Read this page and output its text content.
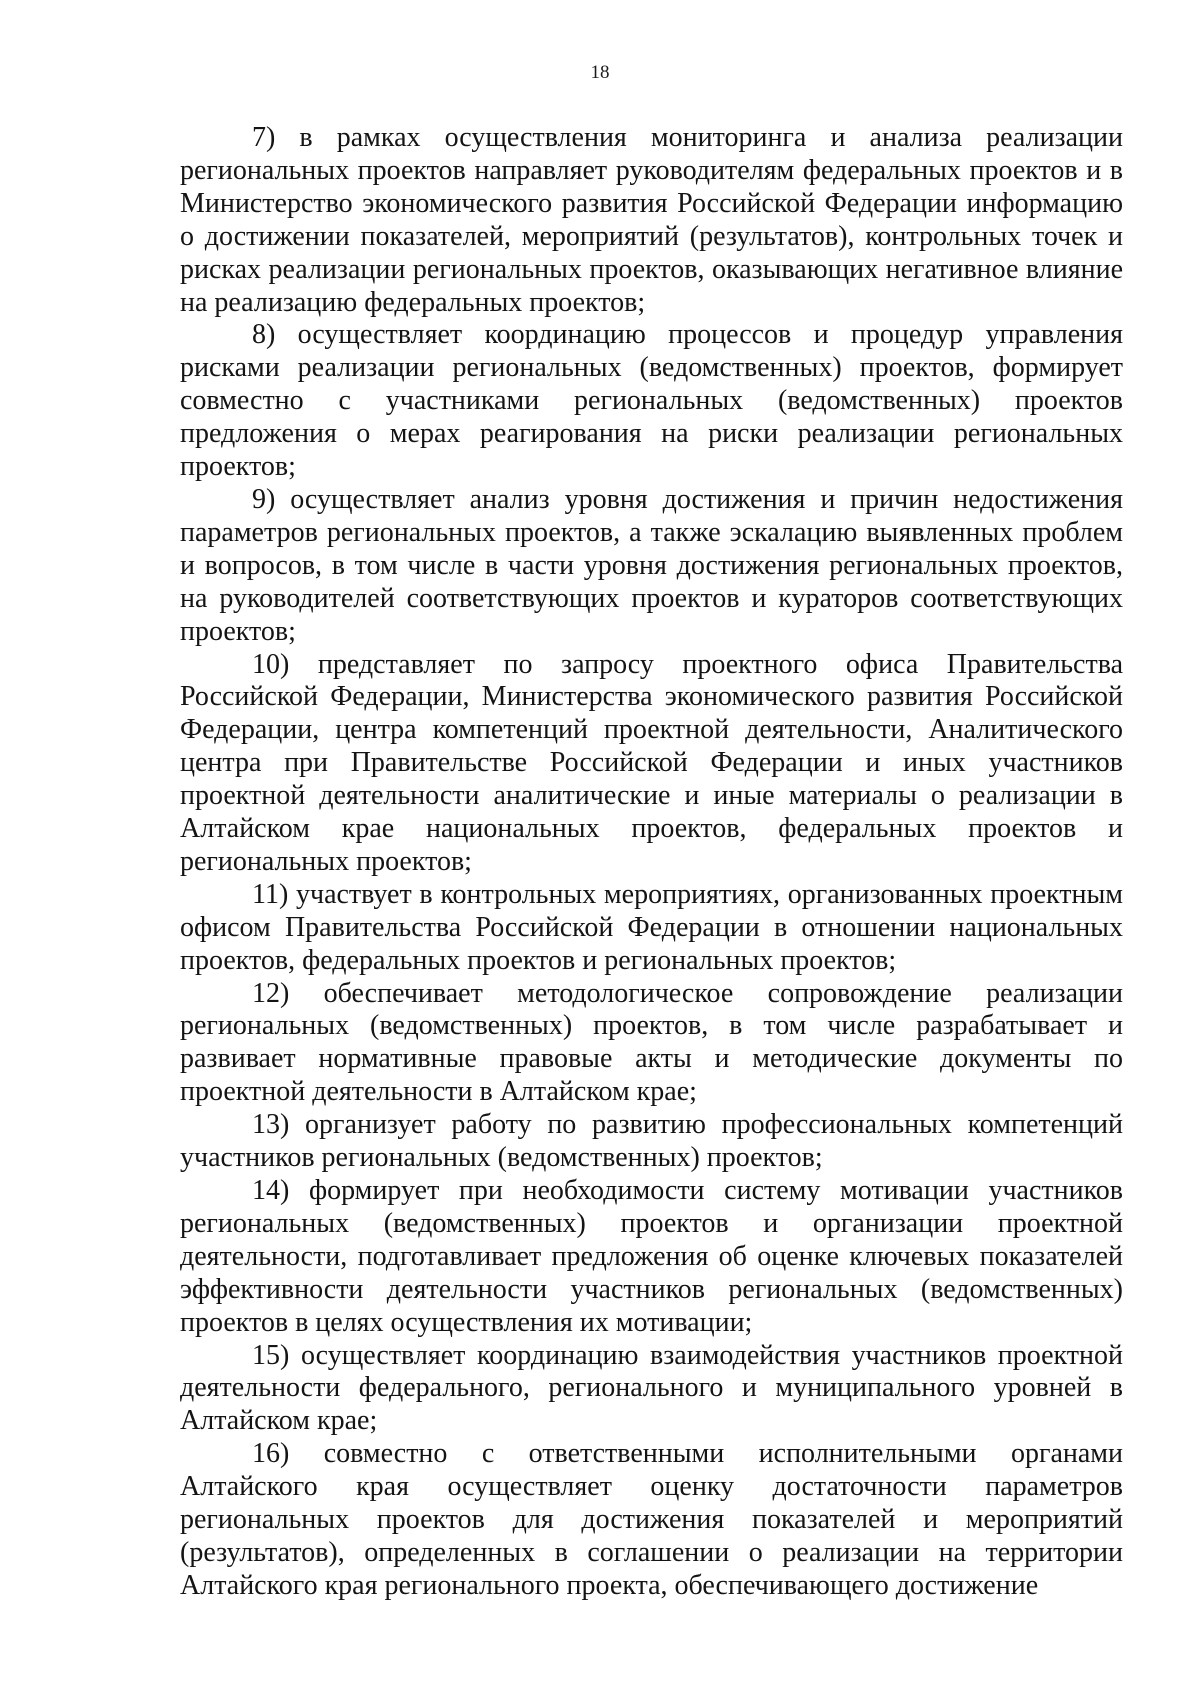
18

7) в рамках осуществления мониторинга и анализа реализации региональных проектов направляет руководителям федеральных проектов и в Министерство экономического развития Российской Федерации информацию о достижении показателей, мероприятий (результатов), контрольных точек и рисках реализации региональных проектов, оказывающих негативное влияние на реализацию федеральных проектов;

8) осуществляет координацию процессов и процедур управления рисками реализации региональных (ведомственных) проектов, формирует совместно с участниками региональных (ведомственных) проектов предложения о мерах реагирования на риски реализации региональных проектов;

9) осуществляет анализ уровня достижения и причин недостижения параметров региональных проектов, а также эскалацию выявленных проблем и вопросов, в том числе в части уровня достижения региональных проектов, на руководителей соответствующих проектов и кураторов соответствующих проектов;

10) представляет по запросу проектного офиса Правительства Российской Федерации, Министерства экономического развития Российской Федерации, центра компетенций проектной деятельности, Аналитического центра при Правительстве Российской Федерации и иных участников проектной деятельности аналитические и иные материалы о реализации в Алтайском крае национальных проектов, федеральных проектов и региональных проектов;

11) участвует в контрольных мероприятиях, организованных проектным офисом Правительства Российской Федерации в отношении национальных проектов, федеральных проектов и региональных проектов;

12) обеспечивает методологическое сопровождение реализации региональных (ведомственных) проектов, в том числе разрабатывает и развивает нормативные правовые акты и методические документы по проектной деятельности в Алтайском крае;

13) организует работу по развитию профессиональных компетенций участников региональных (ведомственных) проектов;

14) формирует при необходимости систему мотивации участников региональных (ведомственных) проектов и организации проектной деятельности, подготавливает предложения об оценке ключевых показателей эффективности деятельности участников региональных (ведомственных) проектов в целях осуществления их мотивации;

15) осуществляет координацию взаимодействия участников проектной деятельности федерального, регионального и муниципального уровней в Алтайском крае;

16) совместно с ответственными исполнительными органами Алтайского края осуществляет оценку достаточности параметров региональных проектов для достижения показателей и мероприятий (результатов), определенных в соглашении о реализации на территории Алтайского края регионального проекта, обеспечивающего достижение
